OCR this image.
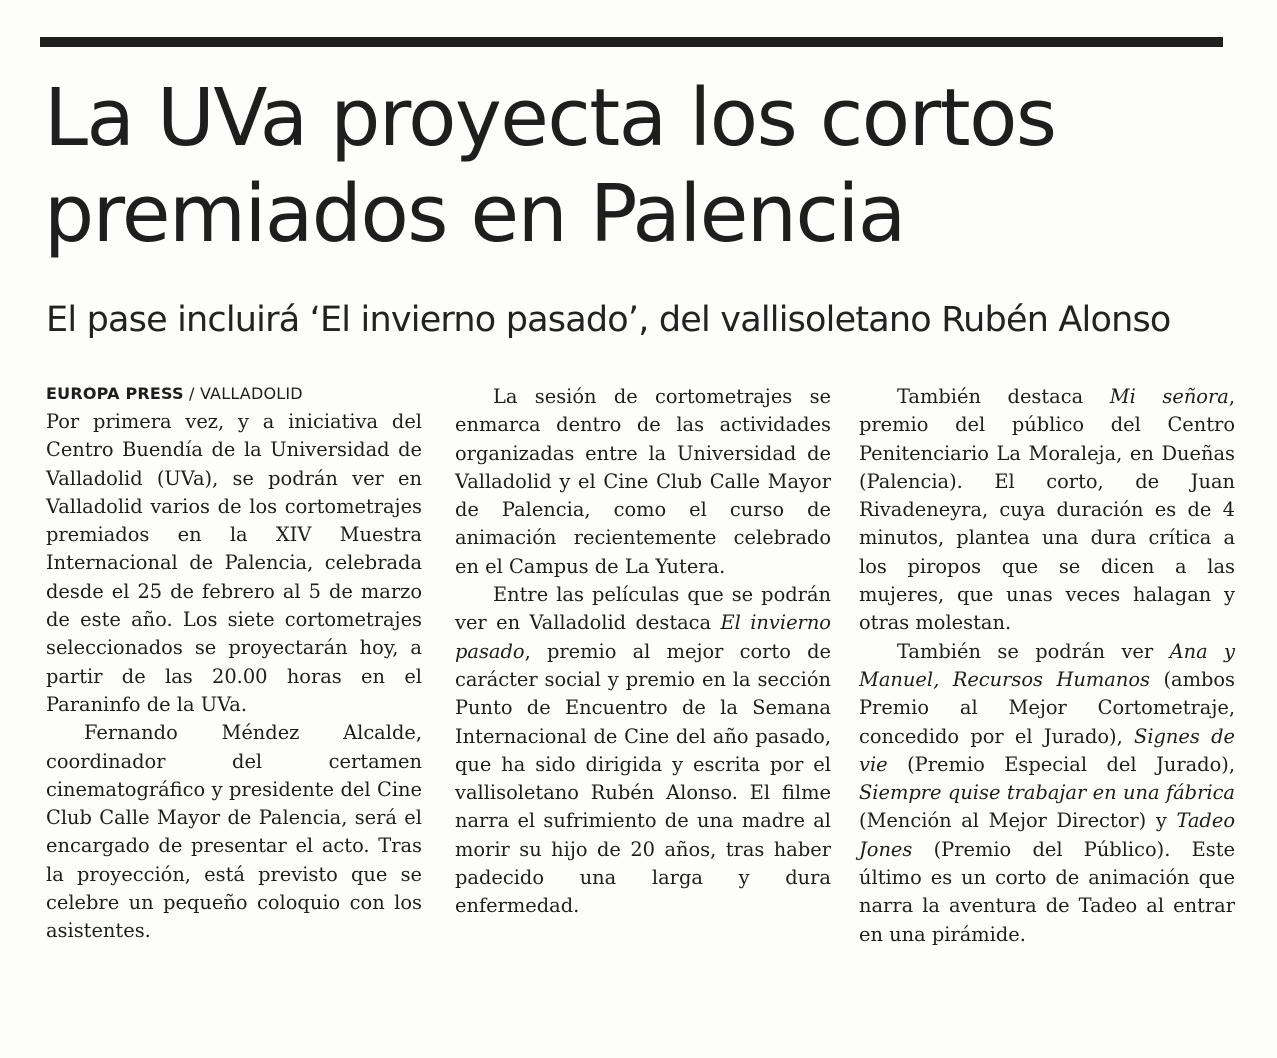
La UVa proyecta los cortos
premiados en Palencia
El pase incluirá ‘El invierno pasado’, del vallisoletano Rubén Alonso
EUROPA PRESS / VALLADOLID

Por primera vez, y a iniciativa del Centro Buendía de la Universidad de Valladolid (UVa), se podrán ver en Valladolid varios de los cortometrajes premiados en la XIV Muestra Internacional de Palencia, celebrada desde el 25 de febrero al 5 de marzo de este año. Los siete cortometrajes seleccionados se proyectarán hoy, a partir de las 20.00 horas en el Paraninfo de la UVa.

Fernando Méndez Alcalde, coordinador del certamen cinematográfico y presidente del Cine Club Calle Mayor de Palencia, será el encargado de presentar el acto. Tras la proyección, está previsto que se celebre un pequeño coloquio con los asistentes.

La sesión de cortometrajes se enmarca dentro de las actividades organizadas entre la Universidad de Valladolid y el Cine Club Calle Mayor de Palencia, como el curso de animación recientemente celebrado en el Campus de La Yutera.

Entre las películas que se podrán ver en Valladolid destaca El invierno pasado, premio al mejor corto de carácter social y premio en la sección Punto de Encuentro de la Semana Internacional de Cine del año pasado, que ha sido dirigida y escrita por el vallisoletano Rubén Alonso. El filme narra el sufrimiento de una madre al morir su hijo de 20 años, tras haber padecido una larga y dura enfermedad.

También destaca Mi señora, premio del público del Centro Penitenciario La Moraleja, en Dueñas (Palencia). El corto, de Juan Rivadeneyra, cuya duración es de 4 minutos, plantea una dura crítica a los piropos que se dicen a las mujeres, que unas veces halagan y otras molestan.

También se podrán ver Ana y Manuel, Recursos Humanos (ambos Premio al Mejor Cortometraje, concedido por el Jurado), Signes de vie (Premio Especial del Jurado), Siempre quise trabajar en una fábrica (Mención al Mejor Director) y Tadeo Jones (Premio del Público). Este último es un corto de animación que narra la aventura de Tadeo al entrar en una pirámide.
